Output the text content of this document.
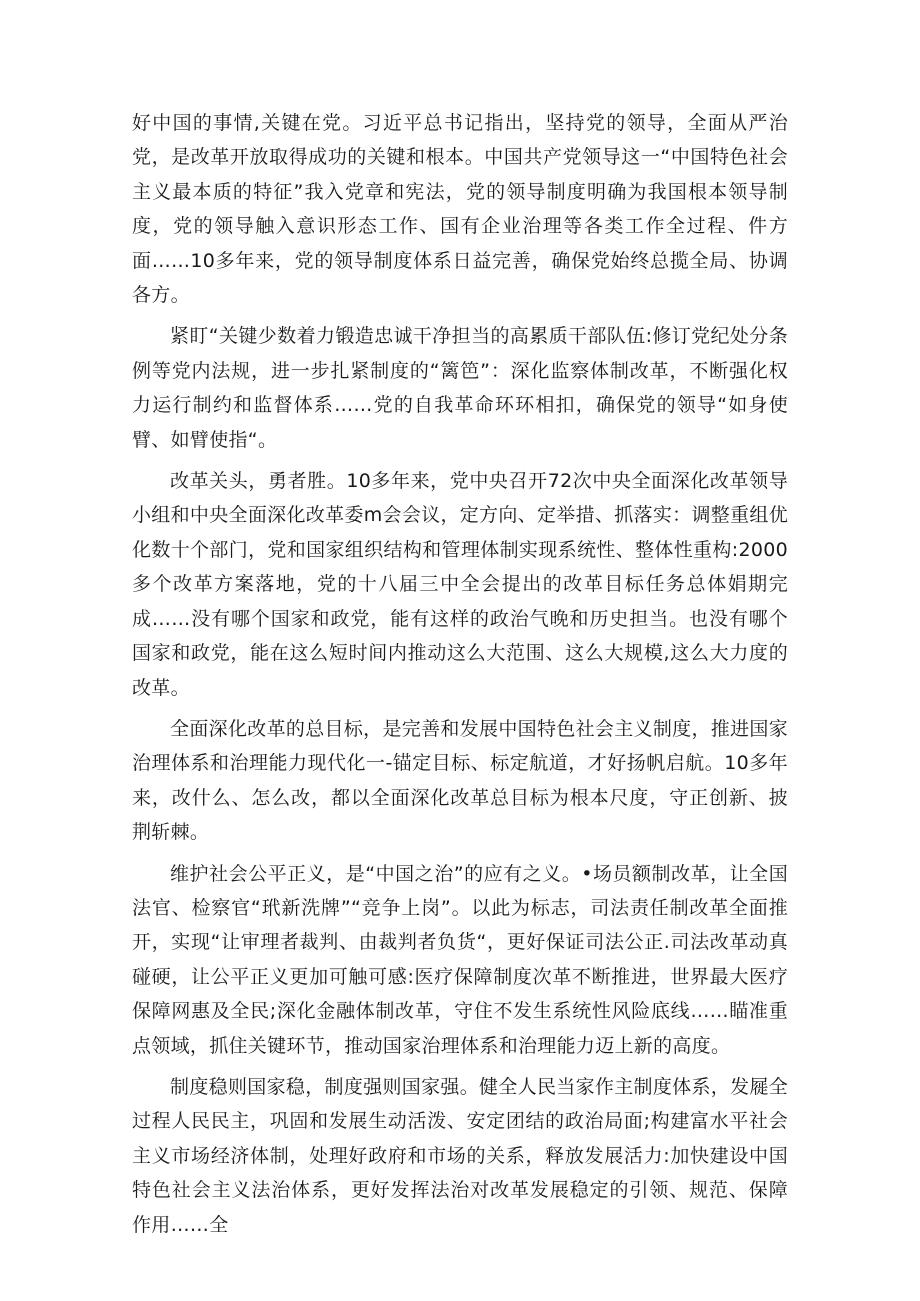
好中国的事情,关键在党。习近平总书记指出，坚持党的领导，全面从严治党，是改革开放取得成功的关键和根本。中国共产党领导这一“中国特色社会主义最本质的特征”我入党章和宪法，党的领导制度明确为我国根本领导制度，党的领导触入意识形态工作、国有企业治理等各类工作全过程、件方面……10多年来，党的领导制度体系日益完善，确保党始终总揽全局、协调各方。

紧盯“关键少数着力锻造忠诚干净担当的高累质干部队伍:修订党纪处分条例等党内法规，进一步扎紧制度的“篱笆”：深化监察体制改革，不断强化权力运行制约和监督体系……党的自我革命环环相扣，确保党的领导“如身使臂、如臂使指“。

改革关头，勇者胜。10多年来，党中央召开72次中央全面深化改革领导小组和中央全面深化改革委m会会议，定方向、定举措、抓落实：调整重组优化数十个部门，党和国家组织结构和管理体制实现系统性、整体性重构:2000多个改革方案落地，党的十八届三中全会提出的改革目标任务总体娟期完成……没有哪个国家和政党，能有这样的政治气晚和历史担当。也没有哪个国家和政党，能在这么短时间内推动这么大范围、这么大规模,这么大力度的改革。

全面深化改革的总目标，是完善和发展中国特色社会主义制度，推进国家治理体系和治理能力现代化一-锚定目标、标定航道，才好扬帆启航。10多年来，改什么、怎么改，都以全面深化改革总目标为根本尺度，守正创新、披荆斩棘。

维护社会公平正义，是“中国之治”的应有之义。•场员额制改革，让全国法官、检察官“玳新洗牌”“竞争上岗”。以此为标志，司法责任制改革全面推开，实现“让审理者裁判、由裁判者负货“，更好保证司法公正.司法改革动真碰硬，让公平正义更加可触可感:医疗保障制度次革不断推进，世界最大医疗保障网惠及全民;深化金融体制改革，守住不发生系统性风险底线……瞄准重点领域，抓住关键环节，推动国家治理体系和治理能力迈上新的高度。

制度稳则国家稳，制度强则国家强。健全人民当家作主制度体系，发屣全过程人民民主，巩固和发展生动活泼、安定团结的政治局面;构建富水平社会主义市场经济体制，处理好政府和市场的关系，释放发展活力:加快建设中国特色社会主义法治体系，更好发挥法治对改革发展稳定的引领、规范、保障作用……全
